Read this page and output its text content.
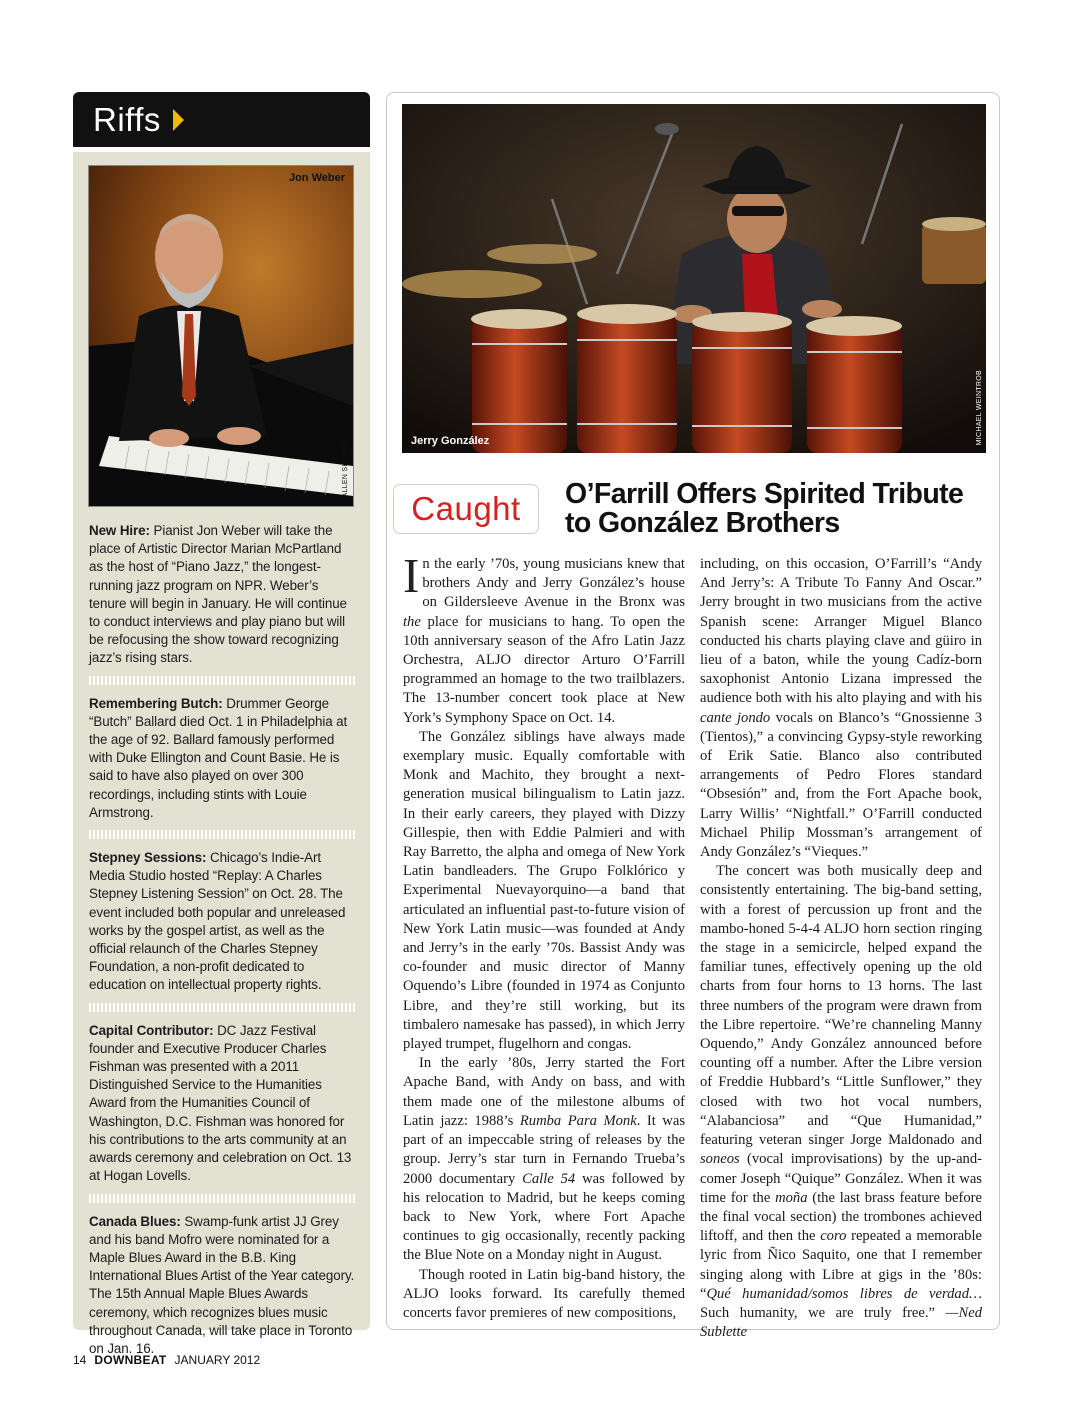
Riffs
Jon Weber
ALLEN SHARPE
New Hire: Pianist Jon Weber will take the place of Artistic Director Marian McPartland as the host of “Piano Jazz,” the longest-running jazz program on NPR. Weber’s tenure will begin in January. He will continue to conduct interviews and play piano but will be refocusing the show toward recognizing jazz’s rising stars.
Remembering Butch: Drummer George “Butch” Ballard died Oct. 1 in Philadelphia at the age of 92. Ballard famously performed with Duke Ellington and Count Basie. He is said to have also played on over 300 recordings, including stints with Louie Armstrong.
Stepney Sessions: Chicago’s Indie-Art Media Studio hosted “Replay: A Charles Stepney Listening Session” on Oct. 28. The event included both popular and unreleased works by the gospel artist, as well as the official relaunch of the Charles Stepney Foundation, a non-profit dedicated to education on intellectual property rights.
Capital Contributor: DC Jazz Festival founder and Executive Producer Charles Fishman was presented with a 2011 Distinguished Service to the Humanities Award from the Humanities Council of Washington, D.C. Fishman was honored for his contributions to the arts community at an awards ceremony and celebration on Oct. 13 at Hogan Lovells.
Canada Blues: Swamp-funk artist JJ Grey and his band Mofro were nominated for a Maple Blues Award in the B.B. King International Blues Artist of the Year category. The 15th Annual Maple Blues Awards ceremony, which recognizes blues music throughout Canada, will take place in Toronto on Jan. 16.
Jerry González	MICHAEL WEINTROB
Caught O’Farrill Offers Spirited Tribute to González Brothers

In the early ’70s, young musicians knew that brothers Andy and Jerry González’s house on Gildersleeve Avenue in the Bronx was the place for musicians to hang. To open the 10th anniversary season of the Afro Latin Jazz Orchestra, ALJO director Arturo O’Farrill programmed an homage to the two trailblazers. The 13-number concert took place at New York’s Symphony Space on Oct. 14.

The González siblings have always made exemplary music. Equally comfortable with Monk and Machito, they brought a next-generation musical bilingualism to Latin jazz. In their early careers, they played with Dizzy Gillespie, then with Eddie Palmieri and with Ray Barretto, the alpha and omega of New York Latin bandleaders. The Grupo Folklórico y Experimental Nuevayorquino—a band that articulated an influential past-to-future vision of New York Latin music—was founded at Andy and Jerry’s in the early ’70s. Bassist Andy was co-founder and music director of Manny Oquendo’s Libre (founded in 1974 as Conjunto Libre, and they’re still working, but its timbalero namesake has passed), in which Jerry played trumpet, flugelhorn and congas.

In the early ’80s, Jerry started the Fort Apache Band, with Andy on bass, and with them made one of the milestone albums of Latin jazz: 1988’s Rumba Para Monk. It was part of an impeccable string of releases by the group. Jerry’s star turn in Fernando Trueba’s 2000 documentary Calle 54 was followed by his relocation to Madrid, but he keeps coming back to New York, where Fort Apache continues to gig occasionally, recently packing the Blue Note on a Monday night in August.

Though rooted in Latin big-band history, the ALJO looks forward. Its carefully themed concerts favor premieres of new compositions,

including, on this occasion, O’Farrill’s “Andy And Jerry’s: A Tribute To Fanny And Oscar.” Jerry brought in two musicians from the active Spanish scene: Arranger Miguel Blanco conducted his charts playing clave and güiro in lieu of a baton, while the young Cadíz-born saxophonist Antonio Lizana impressed the audience both with his alto playing and with his cante jondo vocals on Blanco’s “Gnossienne 3 (Tientos),” a convincing Gypsy-style reworking of Erik Satie. Blanco also contributed arrangements of Pedro Flores standard “Obsesión” and, from the Fort Apache book, Larry Willis’ “Nightfall.” O’Farrill conducted Michael Philip Mossman’s arrangement of Andy González’s “Vieques.”

The concert was both musically deep and consistently entertaining. The big-band setting, with a forest of percussion up front and the mambo-honed 5-4-4 ALJO horn section ringing the stage in a semicircle, helped expand the familiar tunes, effectively opening up the old charts from four horns to 13 horns. The last three numbers of the program were drawn from the Libre repertoire. “We’re channeling Manny Oquendo,” Andy González announced before counting off a number. After the Libre version of Freddie Hubbard’s “Little Sunflower,” they closed with two hot vocal numbers, “Alabanciosa” and “Que Humanidad,” featuring veteran singer Jorge Maldonado and soneos (vocal improvisations) by the up-and-comer Joseph “Quique” González. When it was time for the moña (the last brass feature before the final vocal section) the trombones achieved liftoff, and then the coro repeated a memorable lyric from Ñico Saquito, one that I remember singing along with Libre at gigs in the ’80s: “Qué humanidad/somos libres de verdad… Such humanity, we are truly free.” —Ned Sublette

14 DOWNBEAT JANUARY 2012
